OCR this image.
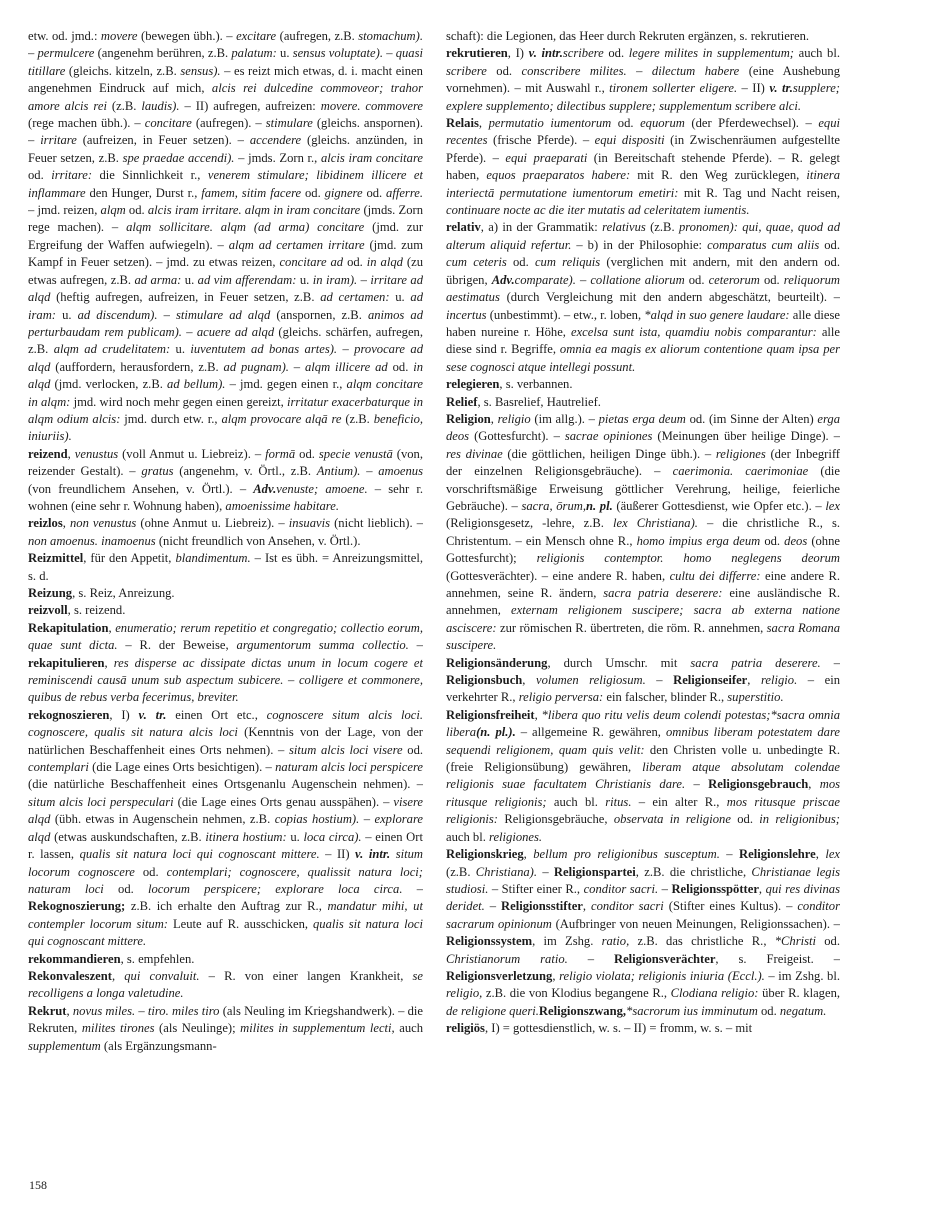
etw. od. jmd.: movere (bewegen übh.). – excitare (aufregen, z.B. stomachum). – permulcere (angenehm berühren, z.B. palatum: u. sensus voluptate). – quasi titillare (gleichs. kitzeln, z.B. sensus). – es reizt mich etwas, d. i. macht einen angenehmen Eindruck auf mich, alcis rei dulcedine commoveor; trahor amore alcis rei (z.B. laudis). – II) aufregen, aufreizen: movere. commovere (rege machen übh.). – concitare (aufregen). – stimulare (gleichs. anspornen). – irritare (aufreizen, in Feuer setzen). – accendere (gleichs. anzünden, in Feuer setzen, z.B. spe praedae accendi). – jmds. Zorn r., alcis iram concitare od. irritare: die Sinnlichkeit r., venerem stimulare; libidinem illicere et inflammare den Hunger, Durst r., famem, sitim facere od. gignere od. afferre. – jmd. reizen, alqm od. alcis iram irritare. alqm in iram concitare (jmds. Zorn rege machen). – alqm sollicitare. alqm (ad arma) concitare (jmd. zur Ergreifung der Waffen aufwiegeln). – alqm ad certamen irritare (jmd. zum Kampf in Feuer setzen). – jmd. zu etwas reizen, concitare ad od. in alqd (zu etwas aufregen, z.B. ad arma: u. ad vim afferendam: u. in iram). – irritare ad alqd (heftig aufregen, aufreizen, in Feuer setzen, z.B. ad certamen: u. ad iram: u. ad discendum). – stimulare ad alqd (anspornen, z.B. animos ad perturbaudam rem publicam). – acuere ad alqd (gleichs. schärfen, aufregen, z.B. alqm ad crudelitatem: u. iuventutem ad bonas artes). – provocare ad alqd (auffordern, herausfordern, z.B. ad pugnam). – alqm illicere ad od. in alqd (jmd. verlocken, z.B. ad bellum). – jmd. gegen einen r., alqm concitare in alqm: jmd. wird noch mehr gegen einen gereizt, irritatur exacerbaturque in alqm odium alcis: jmd. durch etw. r., alqm provocare alqā re (z.B. beneficio, iniuriis).

reizend, venustus (voll Anmut u. Liebreiz). – formā od. specie venustā (von, reizender Gestalt). – gratus (angenehm, v. Örtl., z.B. Antium). – amoenus (von freundlichem Ansehen, v. Örtl.). – Adv.venuste; amoene. – sehr r. wohnen (eine sehr r. Wohnung haben), amoenissime habitare.

reizlos, non venustus (ohne Anmut u. Liebreiz). – insuavis (nicht lieblich). – non amoenus. inamoenus (nicht freundlich von Ansehen, v. Örtl.).

Reizmittel, für den Appetit, blandimentum. – Ist es übh. = Anreizungsmittel, s. d.

Reizung, s. Reiz, Anreizung.

reizvoll, s. reizend.

Rekapitulation, enumeratio; rerum repetitio et congregatio; collectio eorum, quae sunt dicta. – R. der Beweise, argumentorum summa collectio. – rekapitulieren, res disperse ac dissipate dictas unum in locum cogere et reminiscendi causā unum sub aspectum subicere. – colligere et commonere, quibus de rebus verba fecerimus, breviter.

rekognoszieren, I) v. tr. einen Ort etc., cognoscere situm alcis loci. cognoscere, qualis sit natura alcis loci (Kenntnis von der Lage, von der natürlichen Beschaffenheit eines Orts nehmen). – situm alcis loci visere od. contemplari (die Lage eines Orts besichtigen). – naturam alcis loci perspicere (die natürliche Beschaffenheit eines Ortsgenanlu Augenschein nehmen). – situm alcis loci perspeculari (die Lage eines Orts genau ausspähen). – visere alqd (übh. etwas in Augenschein nehmen, z.B. copias hostium). – explorare alqd (etwas auskundschaften, z.B. itinera hostium: u. loca circa). – einen Ort r. lassen, qualis sit natura loci qui cognoscant mittere. – II) v. intr. situm locorum cognoscere od. contemplari; cognoscere, qualissit natura loci; naturam loci od. locorum perspicere; explorare loca circa. – Rekognoszierung; z.B. ich erhalte den Auftrag zur R., mandatur mihi, ut contempler locorum situm: Leute auf R. ausschicken, qualis sit natura loci qui cognoscant mittere.

rekommandieren, s. empfehlen.

Rekonvaleszent, qui convaluit. – R. von einer langen Krankheit, se recolligens a longa valetudine.

Rekrut, novus miles. – tiro. miles tiro (als Neuling im Kriegshandwerk). – die Rekruten, milites tirones (als Neulinge); milites in supplementum lecti, auch supplementum (als Ergänzungsmann-

schaft): die Legionen, das Heer durch Rekruten ergänzen, s. rekrutieren.

rekrutieren, I) v. intr.scribere od. legere milites in supplementum; auch bl. scribere od. conscribere milites. – dilectum habere (eine Aushebung vornehmen). – mit Auswahl r., tironem sollerter eligere. – II) v. tr.supplere; explere supplemento; dilectibus supplere; supplementum scribere alci.

Relais, permutatio iumentorum od. equorum (der Pferdewechsel). – equi recentes (frische Pferde). – equi dispositi (in Zwischenräumen aufgestellte Pferde). – equi praeparati (in Bereitschaft stehende Pferde). – R. gelegt haben, equos praeparatos habere: mit R. den Weg zurücklegen, itinera interiectā permutatione iumentorum emetiri: mit R. Tag und Nacht reisen, continuare nocte ac die iter mutatis ad celeritatem iumentis.

relativ, a) in der Grammatik: relativus (z.B. pronomen): qui, quae, quod ad alterum aliquid refertur. – b) in der Philosophie: comparatus cum aliis od. cum ceteris od. cum reliquis (verglichen mit andern, mit den andern od. übrigen, Adv.comparate). – collatione aliorum od. ceterorum od. reliquorum aestimatus (durch Vergleichung mit den andern abgeschätzt, beurteilt). – incertus (unbestimmt). – etw., r. loben, *alqd in suo genere laudare: alle diese haben nureine r. Höhe, excelsa sunt ista, quamdiu nobis comparantur: alle diese sind r. Begriffe, omnia ea magis ex aliorum contentione quam ipsa per sese cognosci atque intellegi possunt.

relegieren, s. verbannen.

Relief, s. Basrelief, Hautrelief.

Religion, religio (im allg.). – pietas erga deum od. (im Sinne der Alten) erga deos (Gottesfurcht). – sacrae opiniones (Meinungen über heilige Dinge). – res divinae (die göttlichen, heiligen Dinge übh.). – religiones (der Inbegriff der einzelnen Religionsgebräuche). – caerimonia. caerimoniae (die vorschriftsmäßige Erweisung göttlicher Verehrung, heilige, feierliche Gebräuche). – sacra, ōrum,n. pl. (äußerer Gottesdienst, wie Opfer etc.). – lex (Religionsgesetz, -lehre, z.B. lex Christiana). – die christliche R., s. Christentum. – ein Mensch ohne R., homo impius erga deum od. deos (ohne Gottesfurcht); religionis contemptor. homo neglegens deorum (Gottesverächter). – eine andere R. haben, cultu dei differre: eine andere R. annehmen, seine R. ändern, sacra patria deserere: eine ausländische R. annehmen, externam religionem suscipere; sacra ab externa natione asciscere: zur römischen R. übertreten, die röm. R. annehmen, sacra Romana suscipere.

Religionsänderung, durch Umschr. mit sacra patria deserere. – Religionsbuch, volumen religiosum. – Religionseifer, religio. – ein verkehrter R., religio perversa: ein falscher, blinder R., superstitio.

Religionsfreiheit, *libera quo ritu velis deum colendi potestas;*sacra omnia libera(n. pl.). – allgemeine R. gewähren, omnibus liberam potestatem dare sequendi religionem, quam quis velit: den Christen volle u. unbedingte R. (freie Religionsübung) gewähren, liberam atque absolutam colendae religionis suae facultatem Christianis dare. – Religionsgebrauch, mos ritusque religionis; auch bl. ritus. – ein alter R., mos ritusque priscae religionis: Religionsgebräuche, observata in religione od. in religionibus; auch bl. religiones.

Religionskrieg, bellum pro religionibus susceptum. – Religionslehre, lex (z.B. Christiana). – Religionspartei, z.B. die christliche, Christianae legis studiosi. – Stifter einer R., conditor sacri. – Religionsspötter, qui res divinas deridet. – Religionsstifter, conditor sacri (Stifter eines Kultus). – conditor sacrarum opinionum (Aufbringer von neuen Meinungen, Religionssachen). – Religionssystem, im Zshg. ratio, z.B. das christliche R., *Christi od. Christianorum ratio. – Religionsverächter, s. Freigeist. – Religionsverletzung, religio violata; religionis iniuria (Eccl.). – im Zshg. bl. religio, z.B. die von Klodius begangene R., Clodiana religio: über R. klagen, de religione queri.Religionszwang,*sacrorum ius imminutum od. negatum.

religiös, I) = gottesdienstlich, w. s. – II) = fromm, w. s. – mit

158
